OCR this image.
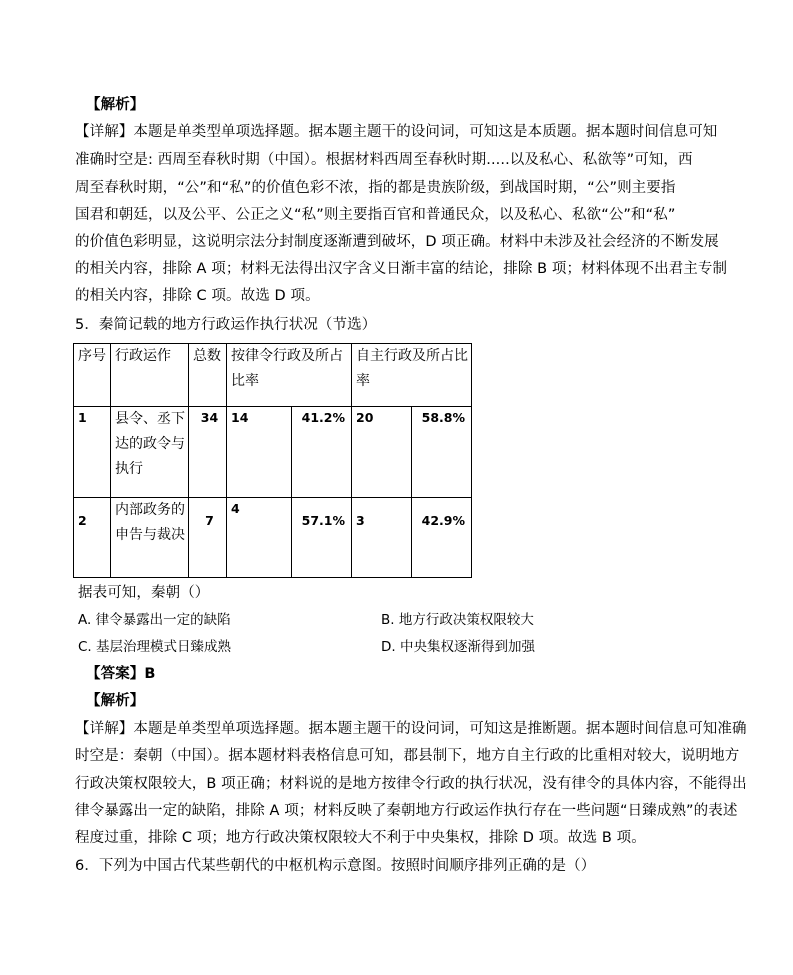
【解析】
【详解】本题是单类型单项选择题。据本题主题干的设问词，可知这是本质题。据本题时间信息可知
准确时空是: 西周至春秋时期（中国）。根据材料西周至春秋时期.....以及私心、私欲等”可知，西
周至春秋时期，“公”和“私”的价值色彩不浓，指的都是贵族阶级，到战国时期，“公”则主要指
国君和朝廷，以及公平、公正之义“私”则主要指百官和普通民众，以及私心、私欲“公”和“私”
的价值色彩明显，这说明宗法分封制度逐渐遭到破坏，D 项正确。材料中未涉及社会经济的不断发展
的相关内容，排除 A 项；材料无法得出汉字含义日渐丰富的结论，排除 B 项；材料体现不出君主专制
的相关内容，排除 C 项。故选 D 项。
5．秦简记载的地方行政运作执行状况（节选）
序号	行政运作	总数	按律令行政及所占比率		自主行政及所占比率	

1	县令、丞下达的政令与执行	34	14	41.2%	20	58.8%

2	内部政务的申告与裁决	7	4	57.1%	3	42.9%
据表可知，秦朝（）
A. 律令暴露出一定的缺陷	B. 地方行政决策权限较大
C. 基层治理模式日臻成熟	D. 中央集权逐渐得到加强
【答案】B
【解析】
【详解】本题是单类型单项选择题。据本题主题干的设问词，可知这是推断题。据本题时间信息可知准确
时空是：秦朝（中国）。据本题材料表格信息可知，郡县制下，地方自主行政的比重相对较大，说明地方
行政决策权限较大，B 项正确；材料说的是地方按律令行政的执行状况，没有律令的具体内容，不能得出
律令暴露出一定的缺陷，排除 A 项；材料反映了秦朝地方行政运作执行存在一些问题“日臻成熟”的表述
程度过重，排除 C 项；地方行政决策权限较大不利于中央集权，排除 D 项。故选 B 项。
6．下列为中国古代某些朝代的中枢机构示意图。按照时间顺序排列正确的是（）
